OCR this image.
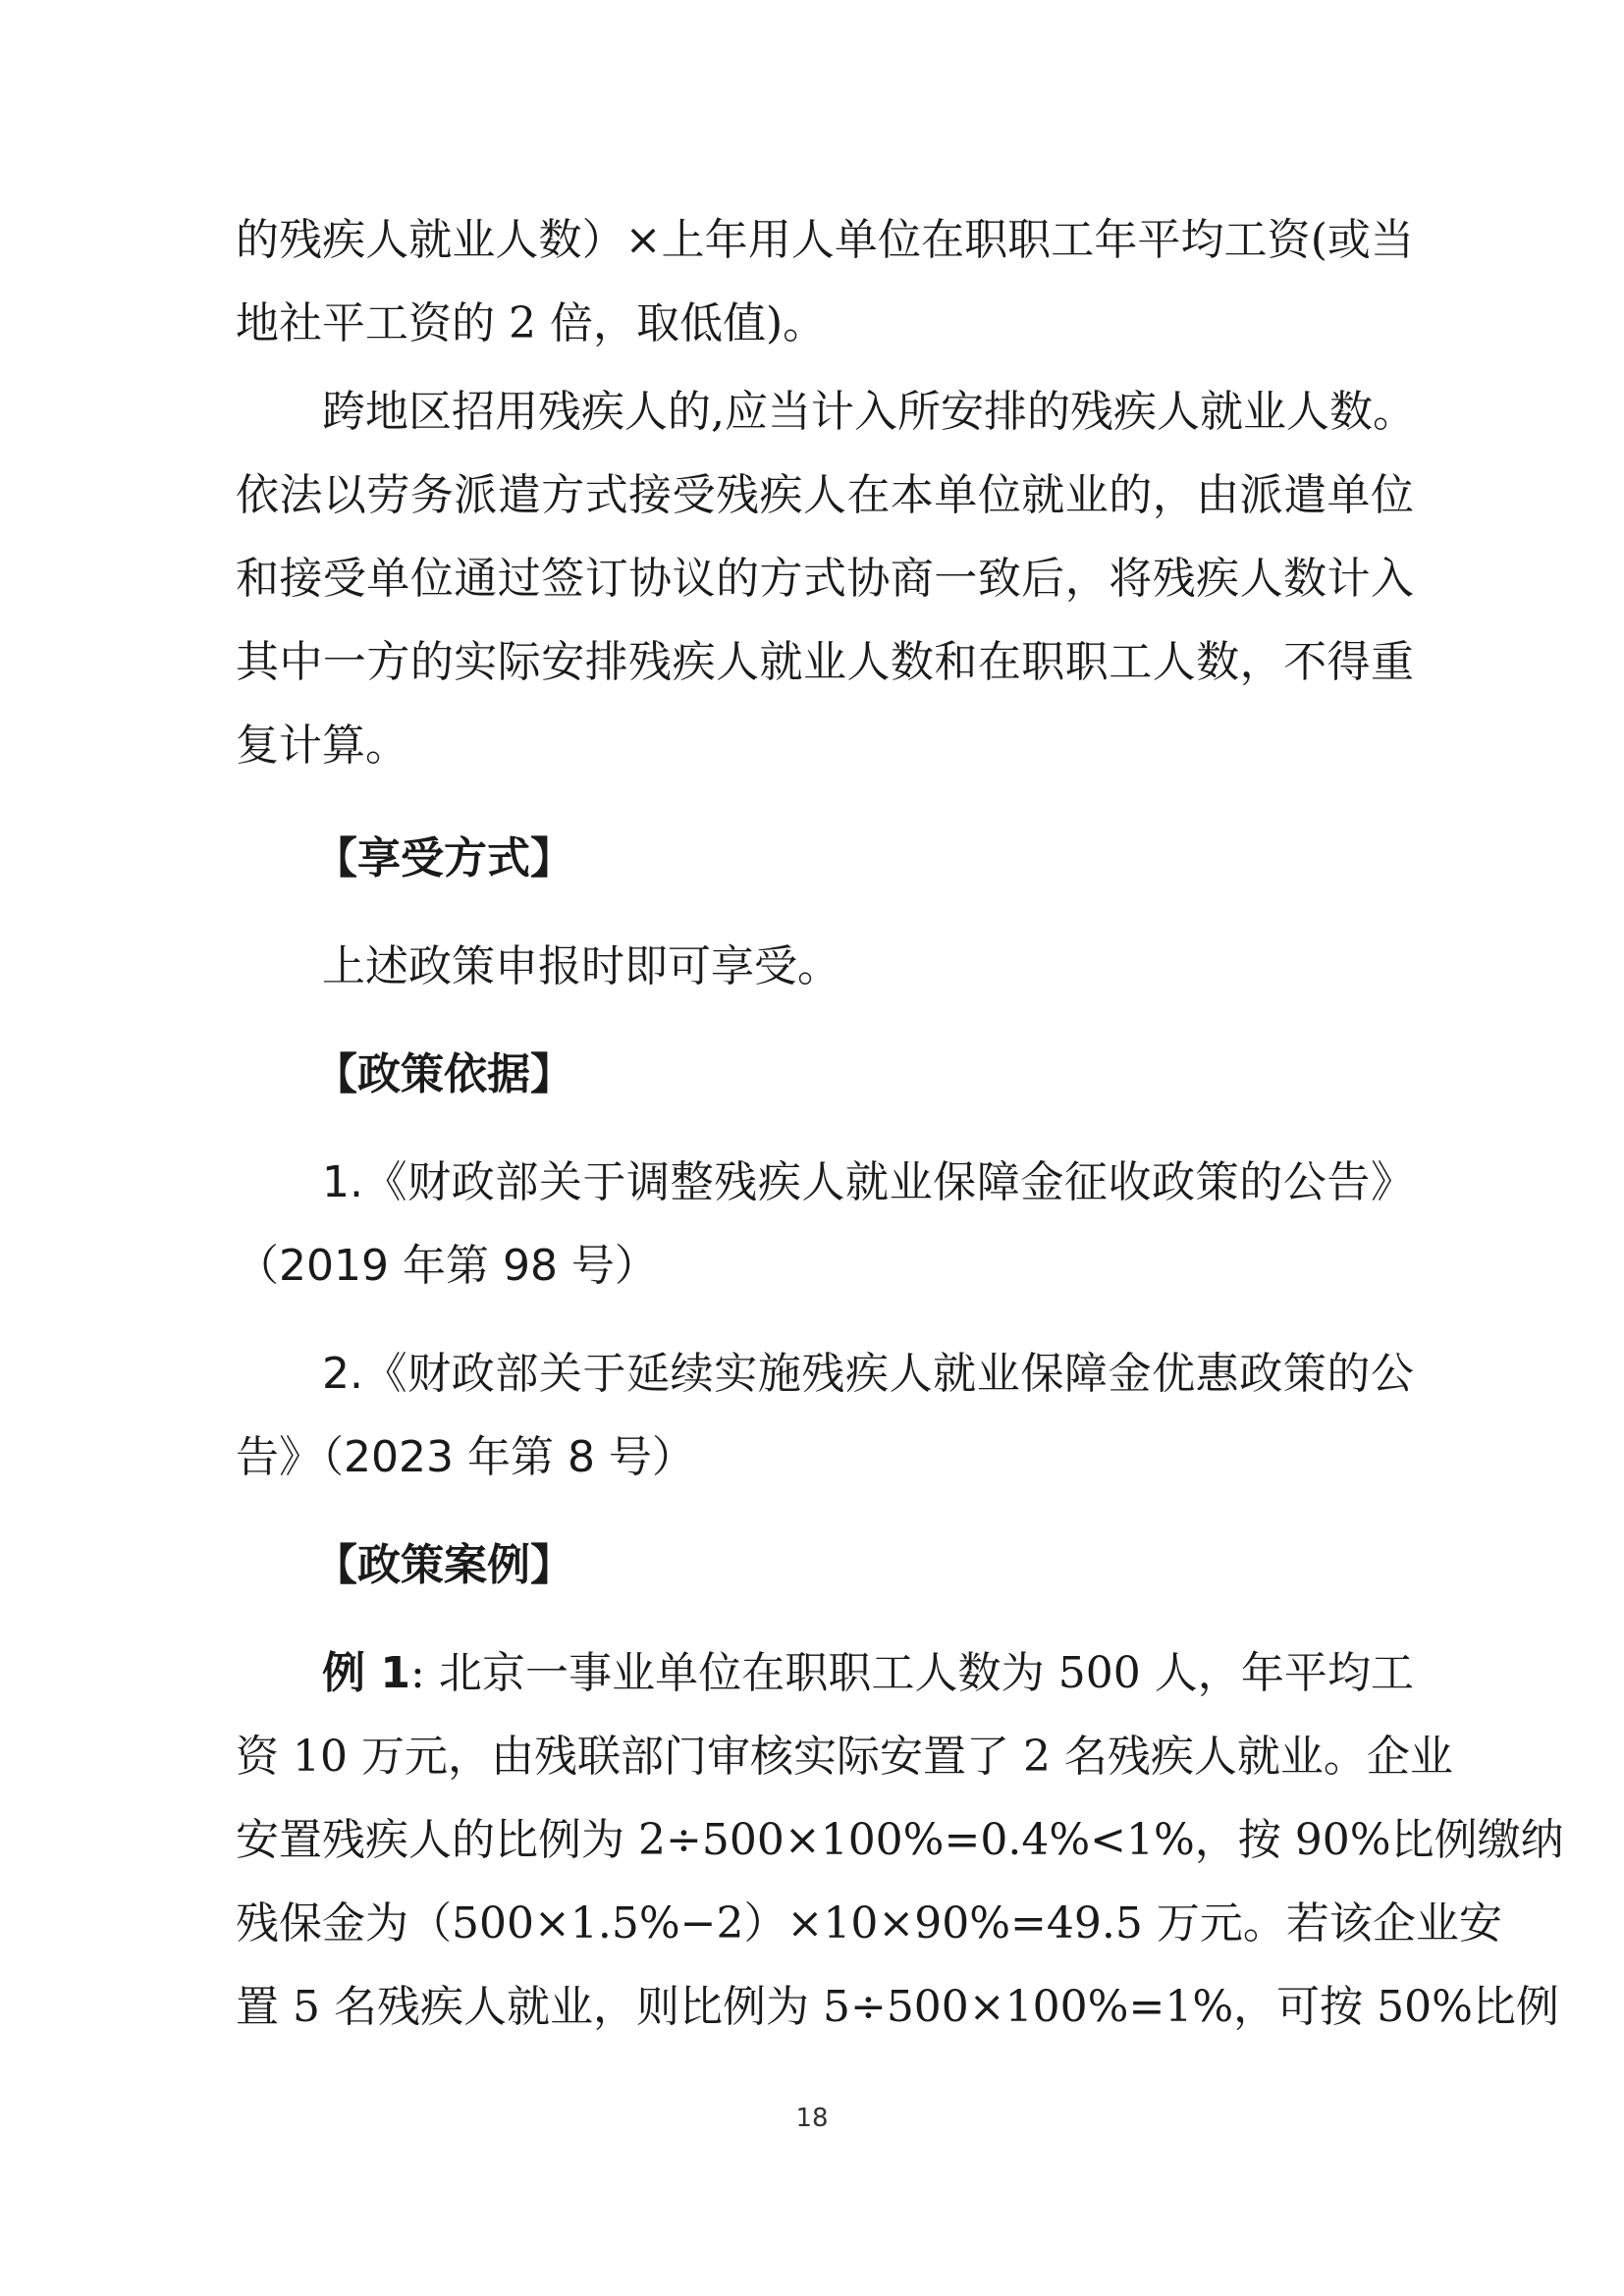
的残疾人就业人数）×上年用人单位在职职工年平均工资(或当
地社平工资的 2 倍，取低值)。
跨地区招用残疾人的,应当计入所安排的残疾人就业人数。
依法以劳务派遣方式接受残疾人在本单位就业的，由派遣单位
和接受单位通过签订协议的方式协商一致后，将残疾人数计入
其中一方的实际安排残疾人就业人数和在职职工人数，不得重
复计算。
【享受方式】
上述政策申报时即可享受。
【政策依据】
1.《财政部关于调整残疾人就业保障金征收政策的公告》
（2019 年第 98 号）
2.《财政部关于延续实施残疾人就业保障金优惠政策的公
告》（2023 年第 8 号）
【政策案例】
例 1: 北京一事业单位在职职工人数为 500 人，年平均工
资 10 万元，由残联部门审核实际安置了 2 名残疾人就业。企业
安置残疾人的比例为 2÷500×100%=0.4%<1%，按 90%比例缴纳
残保金为（500×1.5%−2）×10×90%=49.5 万元。若该企业安
置 5 名残疾人就业，则比例为 5÷500×100%=1%，可按 50%比例
18
